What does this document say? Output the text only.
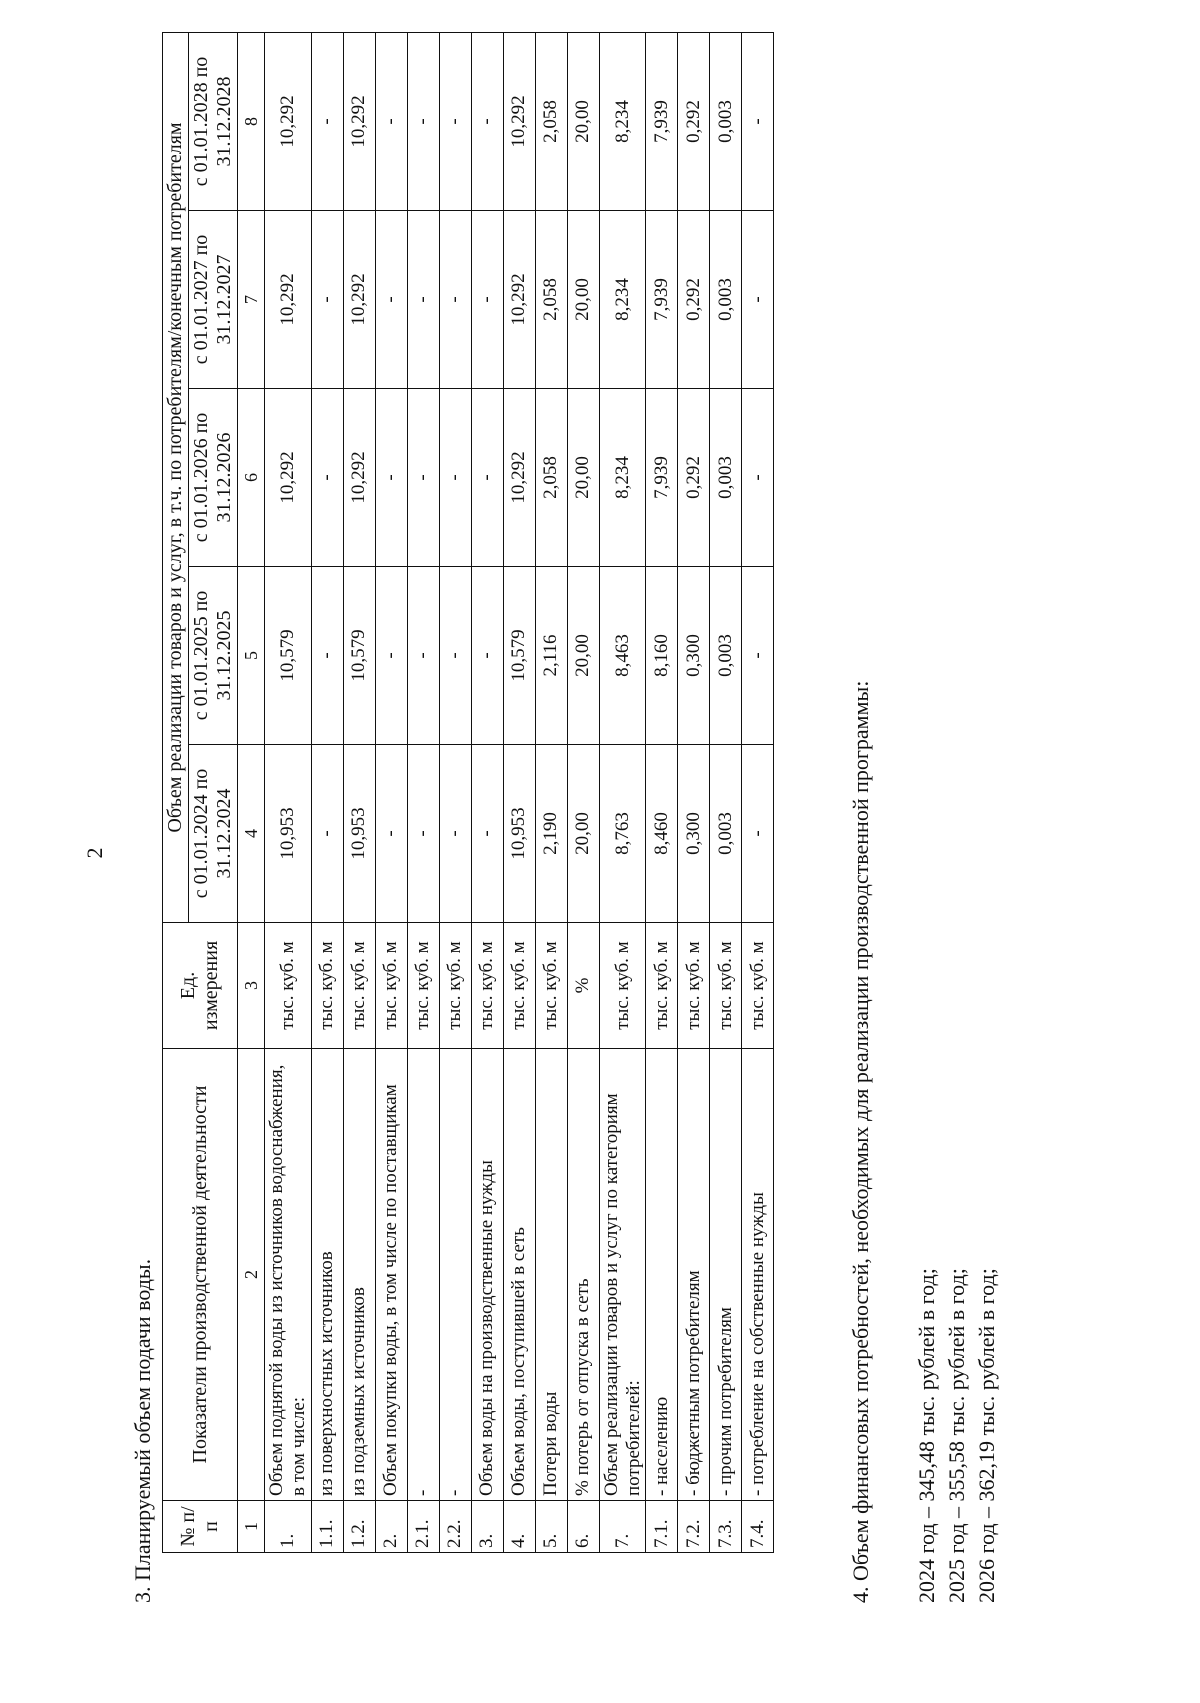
2
3. Планируемый объем подачи воды. № п/п	Показатели производственной деятельности	Ед. измерения	Объем реализации товаров и услуг, в т.ч. по потребителям/конечным потребителям				
			с 01.01.2024 по 31.12.2024	с 01.01.2025 по 31.12.2025	с 01.01.2026 по 31.12.2026	с 01.01.2027 по 31.12.2027	с 01.01.2028 по 31.12.2028
1	2	3	4	5	6	7	8
1.	Объем поднятой воды из источников водоснабжения, в том числе:	тыс. куб. м	10,953	10,579	10,292	10,292	10,292
1.1.	из поверхностных источников	тыс. куб. м	-	-	-	-	-
1.2.	из подземных источников	тыс. куб. м	10,953	10,579	10,292	10,292	10,292
2.	Объем покупки воды, в том числе по поставщикам	тыс. куб. м	-	-	-	-	-
2.1.	-	тыс. куб. м	-	-	-	-	-
2.2.	-	тыс. куб. м	-	-	-	-	-
3.	Объем воды на производственные нужды	тыс. куб. м	-	-	-	-	-
4.	Объем воды, поступившей в сеть	тыс. куб. м	10,953	10,579	10,292	10,292	10,292
5.	Потери воды	тыс. куб. м	2,190	2,116	2,058	2,058	2,058
6.	% потерь от отпуска в сеть	%	20,00	20,00	20,00	20,00	20,00
7.	Объем реализации товаров и услуг по категориям потребителей:	тыс. куб. м	8,763	8,463	8,234	8,234	8,234
7.1.	- населению	тыс. куб. м	8,460	8,160	7,939	7,939	7,939
7.2.	- бюджетным потребителям	тыс. куб. м	0,300	0,300	0,292	0,292	0,292
7.3.	- прочим потребителям	тыс. куб. м	0,003	0,003	0,003	0,003	0,003
7.4.	- потребление на собственные нужды	тыс. куб. м	-	-	-	-	-
4. Объем финансовых потребностей, необходимых для реализации производственной программы: 2024 год – 345,48 тыс. рублей в год; 2025 год – 355,58 тыс. рублей в год; 2026 год – 362,19 тыс. рублей в год;
